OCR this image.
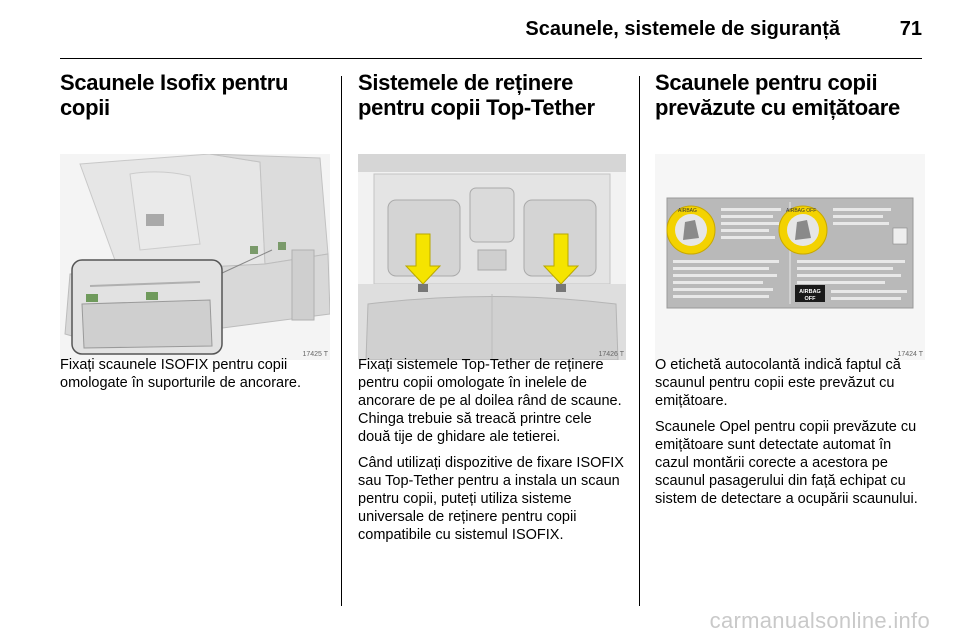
Scaunele, sistemele de siguranță	71
Scaunele Isofix pentru
copii
17425 T

Fixați scaunele ISOFIX pentru copii omologate în suporturile de ancorare.

Sistemele de reținere
pentru copii Top-Tether
17426 T

Fixați sistemele Top-Tether de reținere pentru copii omologate în inelele de ancorare de pe al doilea rând de scaune. Chinga trebuie să treacă printre cele două tije de ghidare ale tetierei.

Când utilizați dispozitive de fixare ISOFIX sau Top-Tether pentru a instala un scaun pentru copii, puteți utiliza sisteme universale de reținere pentru copii compatibile cu sistemul ISOFIX.

Scaunele pentru copii
prevăzute cu emițătoare
AIRBAG	AIRBAG OFF
AIRBAG
OFF
17424 T

O etichetă autocolantă indică faptul că scaunul pentru copii este prevăzut cu emițătoare.

Scaunele Opel pentru copii prevăzute cu emițătoare sunt detectate automat în cazul montării corecte a acestora pe scaunul pasagerului din față echipat cu sistem de detectare a ocupării scaunului.

carmanualsonline.info
